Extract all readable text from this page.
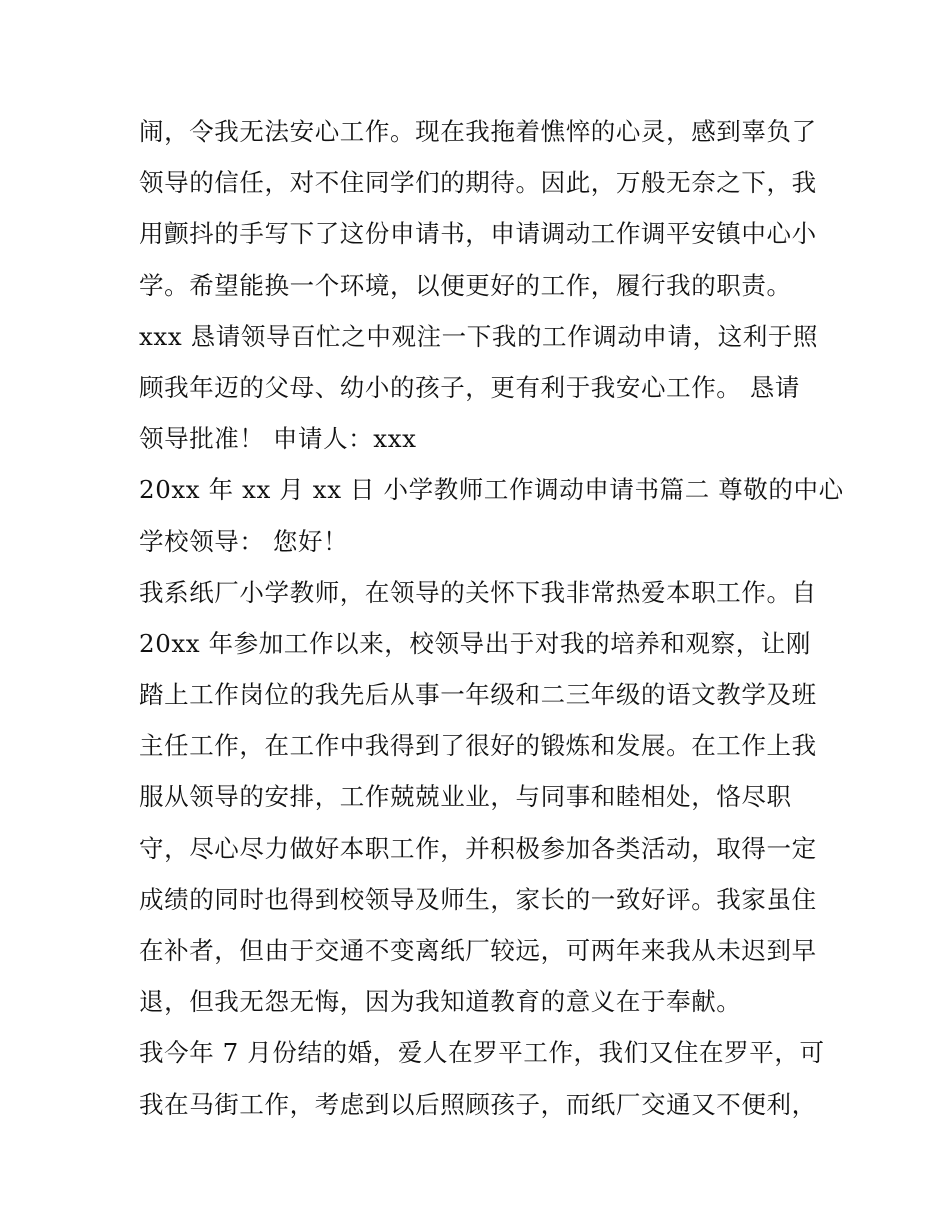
闹，令我无法安心工作。现在我拖着憔悴的心灵，感到辜负了
领导的信任，对不住同学们的期待。因此，万般无奈之下，我
用颤抖的手写下了这份申请书，申请调动工作调平安镇中心小
学。希望能换一个环境，以便更好的工作，履行我的职责。
xxx 恳请领导百忙之中观注一下我的工作调动申请，这利于照
顾我年迈的父母、幼小的孩子，更有利于我安心工作。 恳请
领导批准！ 申请人：xxx
20xx 年 xx 月 xx 日 小学教师工作调动申请书篇二 尊敬的中心
学校领导： 您好！
我系纸厂小学教师，在领导的关怀下我非常热爱本职工作。自
20xx 年参加工作以来，校领导出于对我的培养和观察，让刚
踏上工作岗位的我先后从事一年级和二三年级的语文教学及班
主任工作，在工作中我得到了很好的锻炼和发展。在工作上我
服从领导的安排，工作兢兢业业，与同事和睦相处，恪尽职
守，尽心尽力做好本职工作，并积极参加各类活动，取得一定
成绩的同时也得到校领导及师生，家长的一致好评。我家虽住
在补者，但由于交通不变离纸厂较远，可两年来我从未迟到早
退，但我无怨无悔，因为我知道教育的意义在于奉献。
我今年 7 月份结的婚，爱人在罗平工作，我们又住在罗平，可
我在马街工作，考虑到以后照顾孩子，而纸厂交通又不便利，
